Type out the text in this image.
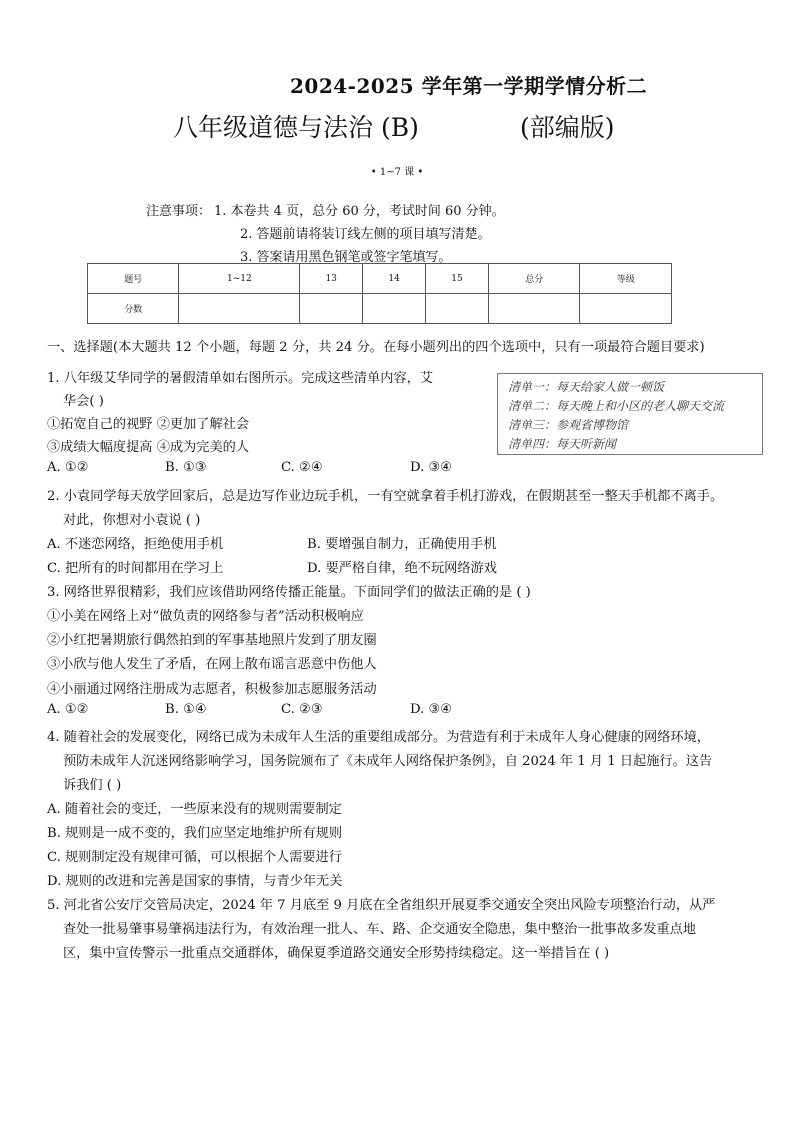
2024-2025 学年第一学期学情分析二
八年级道德与法治 (B)	(部编版)
• 1~7 课 •
注意事项： 1. 本卷共 4 页，总分 60 分，考试时间 60 分钟。
2. 答题前请将装订线左侧的项目填写清楚。
3. 答案请用黑色钢笔或签字笔填写。
题号	1~12	13	14	15	总分	等级
分数						
一、选择题(本大题共 12 个小题，每题 2 分，共 24 分。在每小题列出的四个选项中，只有一项最符合题目要求)
清单一：每天给家人做一顿饭
清单二：每天晚上和小区的老人聊天交流
清单三：参观省博物馆
清单四：每天听新闻
1. 八年级艾华同学的暑假清单如右图所示。完成这些清单内容，艾
华会( )
①拓宽自己的视野 ②更加了解社会
③成绩大幅度提高 ④成为完美的人
A. ①②	B. ①③	C. ②④	D. ③④
2. 小袁同学每天放学回家后，总是边写作业边玩手机，一有空就拿着手机打游戏，在假期甚至一整天手机都不离手。
对此，你想对小袁说 ( )
A. 不迷恋网络，拒绝使用手机	B. 要增强自制力，正确使用手机
C. 把所有的时间都用在学习上	D. 要严格自律，绝不玩网络游戏
3. 网络世界很精彩，我们应该借助网络传播正能量。下面同学们的做法正确的是 ( )
①小美在网络上对“做负责的网络参与者”活动积极响应
②小红把暑期旅行偶然拍到的军事基地照片发到了朋友圈
③小欣与他人发生了矛盾，在网上散布谣言恶意中伤他人
④小丽通过网络注册成为志愿者，积极参加志愿服务活动
A. ①②	B. ①④	C. ②③	D. ③④
4. 随着社会的发展变化，网络已成为未成年人生活的重要组成部分。为营造有利于未成年人身心健康的网络环境，
预防未成年人沉迷网络影响学习，国务院颁布了《未成年人网络保护条例》，自 2024 年 1 月 1 日起施行。这告
诉我们 ( )
A. 随着社会的变迁，一些原来没有的规则需要制定
B. 规则是一成不变的，我们应坚定地维护所有规则
C. 规则制定没有规律可循，可以根据个人需要进行
D. 规则的改进和完善是国家的事情，与青少年无关
5. 河北省公安厅交管局决定，2024 年 7 月底至 9 月底在全省组织开展夏季交通安全突出风险专项整治行动，从严
查处一批易肇事易肇祸违法行为，有效治理一批人、车、路、企交通安全隐患，集中整治一批事故多发重点地
区，集中宣传警示一批重点交通群体，确保夏季道路交通安全形势持续稳定。这一举措旨在 ( )
